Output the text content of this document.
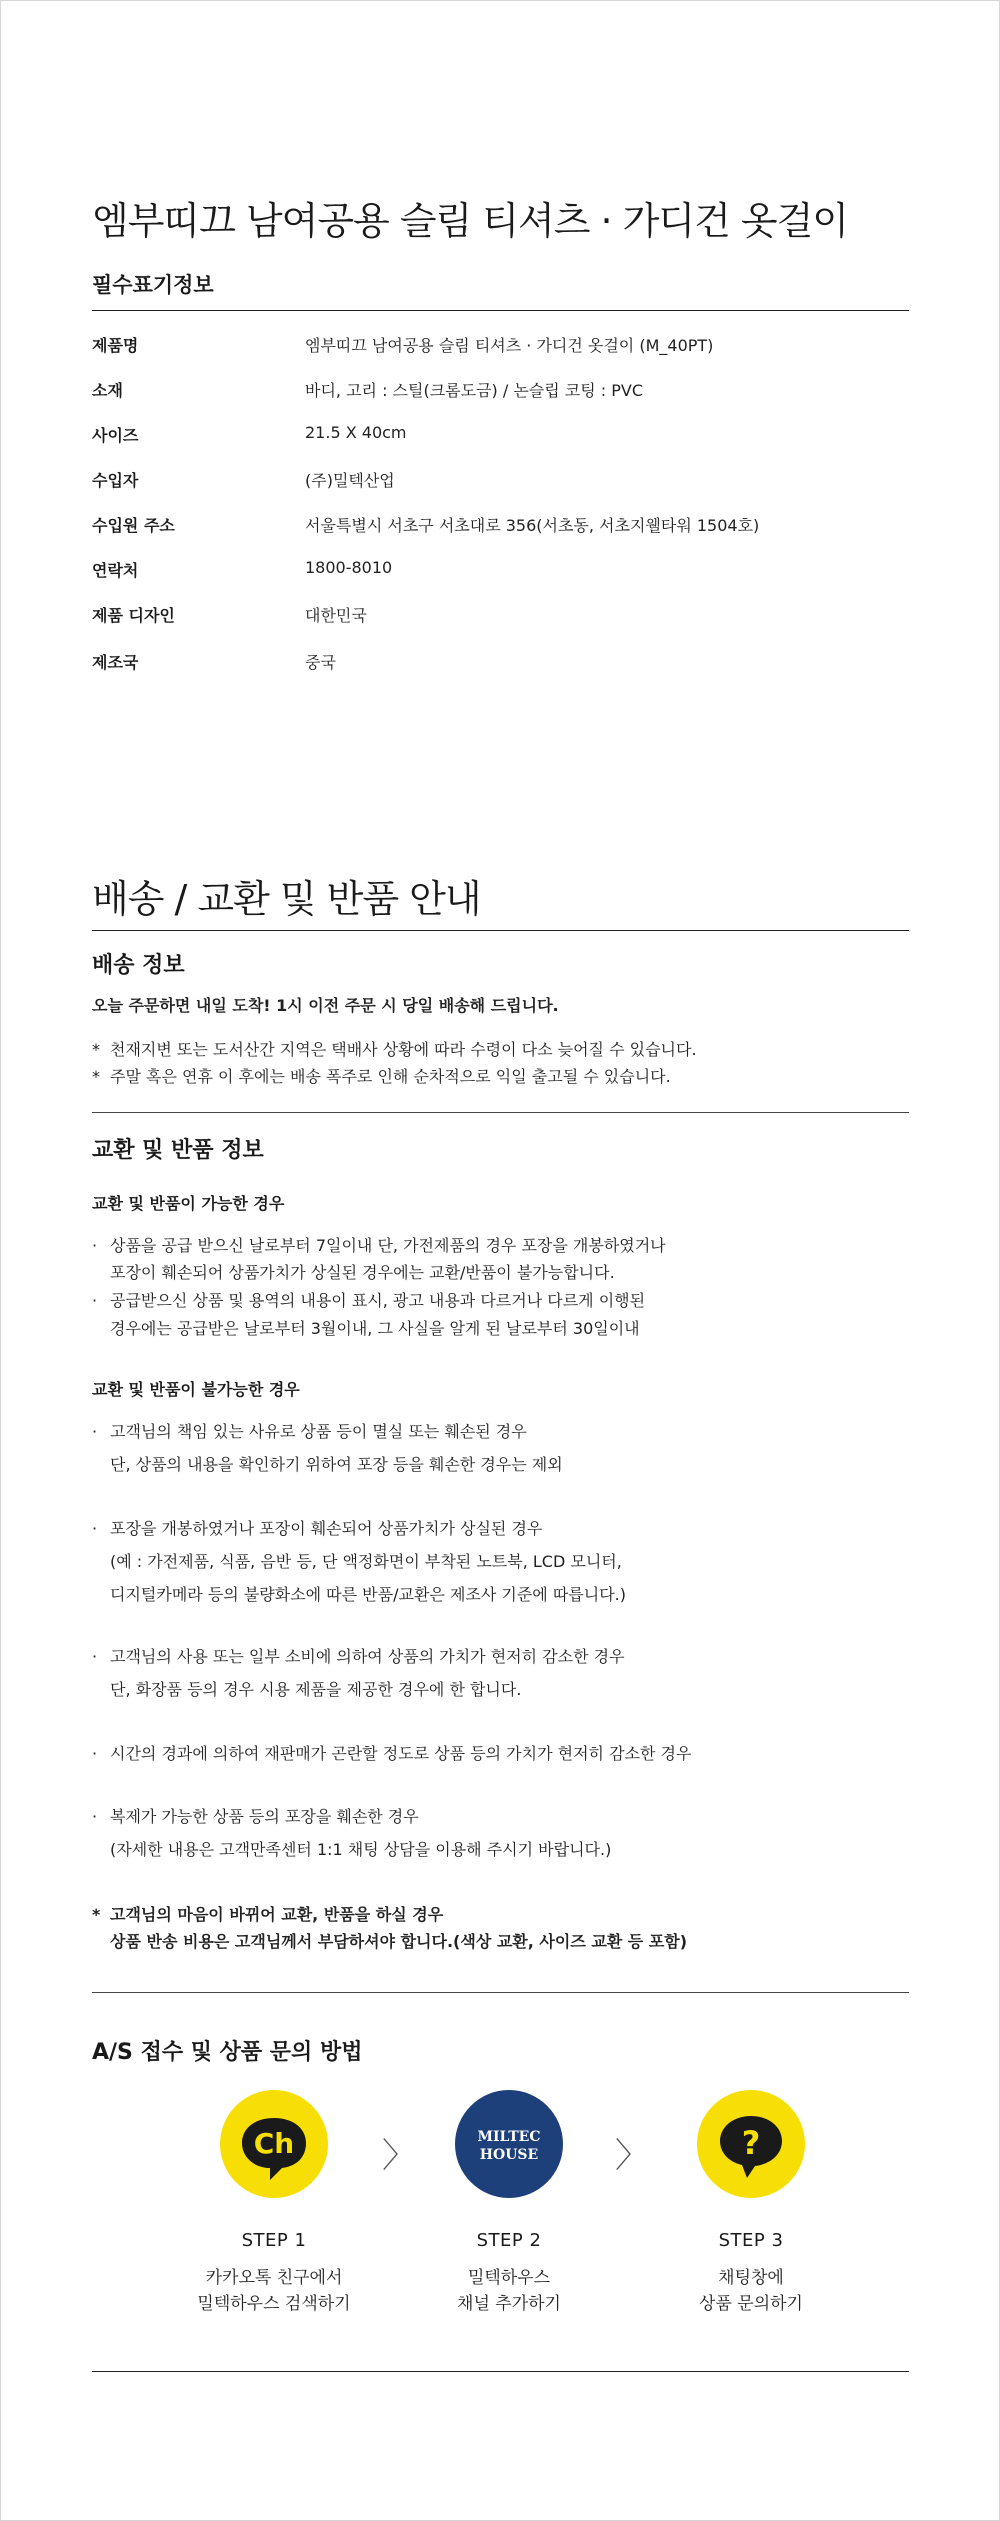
엠부띠끄 남여공용 슬림 티셔츠 · 가디건 옷걸이
필수표기정보
제품명	엠부띠끄 남여공용 슬림 티셔츠 · 가디건 옷걸이 (M_40PT)
소재	바디, 고리 : 스틸(크롬도금) / 논슬립 코팅 : PVC
사이즈	21.5 X 40cm
수입자	(주)밀텍산업
수입원 주소	서울특별시 서초구 서초대로 356(서초동, 서초지웰타워 1504호)
연락처	1800-8010
제품 디자인	대한민국
제조국	중국
배송 / 교환 및 반품 안내
배송 정보
오늘 주문하면 내일 도착! 1시 이전 주문 시 당일 배송해 드립니다.
* 천재지변 또는 도서산간 지역은 택배사 상황에 따라 수령이 다소 늦어질 수 있습니다.
* 주말 혹은 연휴 이 후에는 배송 폭주로 인해 순차적으로 익일 출고될 수 있습니다.
교환 및 반품 정보
교환 및 반품이 가능한 경우
· 상품을 공급 받으신 날로부터 7일이내 단, 가전제품의 경우 포장을 개봉하였거나
포장이 훼손되어 상품가치가 상실된 경우에는 교환/반품이 불가능합니다.
· 공급받으신 상품 및 용역의 내용이 표시, 광고 내용과 다르거나 다르게 이행된
경우에는 공급받은 날로부터 3월이내, 그 사실을 알게 된 날로부터 30일이내
교환 및 반품이 불가능한 경우
· 고객님의 책임 있는 사유로 상품 등이 멸실 또는 훼손된 경우
단, 상품의 내용을 확인하기 위하여 포장 등을 훼손한 경우는 제외
· 포장을 개봉하였거나 포장이 훼손되어 상품가치가 상실된 경우
(예 : 가전제품, 식품, 음반 등, 단 액정화면이 부착된 노트북, LCD 모니터,
디지털카메라 등의 불량화소에 따른 반품/교환은 제조사 기준에 따릅니다.)
· 고객님의 사용 또는 일부 소비에 의하여 상품의 가치가 현저히 감소한 경우
단, 화장품 등의 경우 시용 제품을 제공한 경우에 한 합니다.
· 시간의 경과에 의하여 재판매가 곤란할 정도로 상품 등의 가치가 현저히 감소한 경우
· 복제가 가능한 상품 등의 포장을 훼손한 경우
(자세한 내용은 고객만족센터 1:1 채팅 상담을 이용해 주시기 바랍니다.)
* 고객님의 마음이 바뀌어 교환, 반품을 하실 경우
상품 반송 비용은 고객님께서 부담하셔야 합니다.(색상 교환, 사이즈 교환 등 포함)
A/S 접수 및 상품 문의 방법
Ch
STEP 1
카카오톡 친구에서
밀텍하우스 검색하기
〉	MILTEC
HOUSE
STEP 2
밀텍하우스
채널 추가하기
〉	?
STEP 3
채팅창에
상품 문의하기
